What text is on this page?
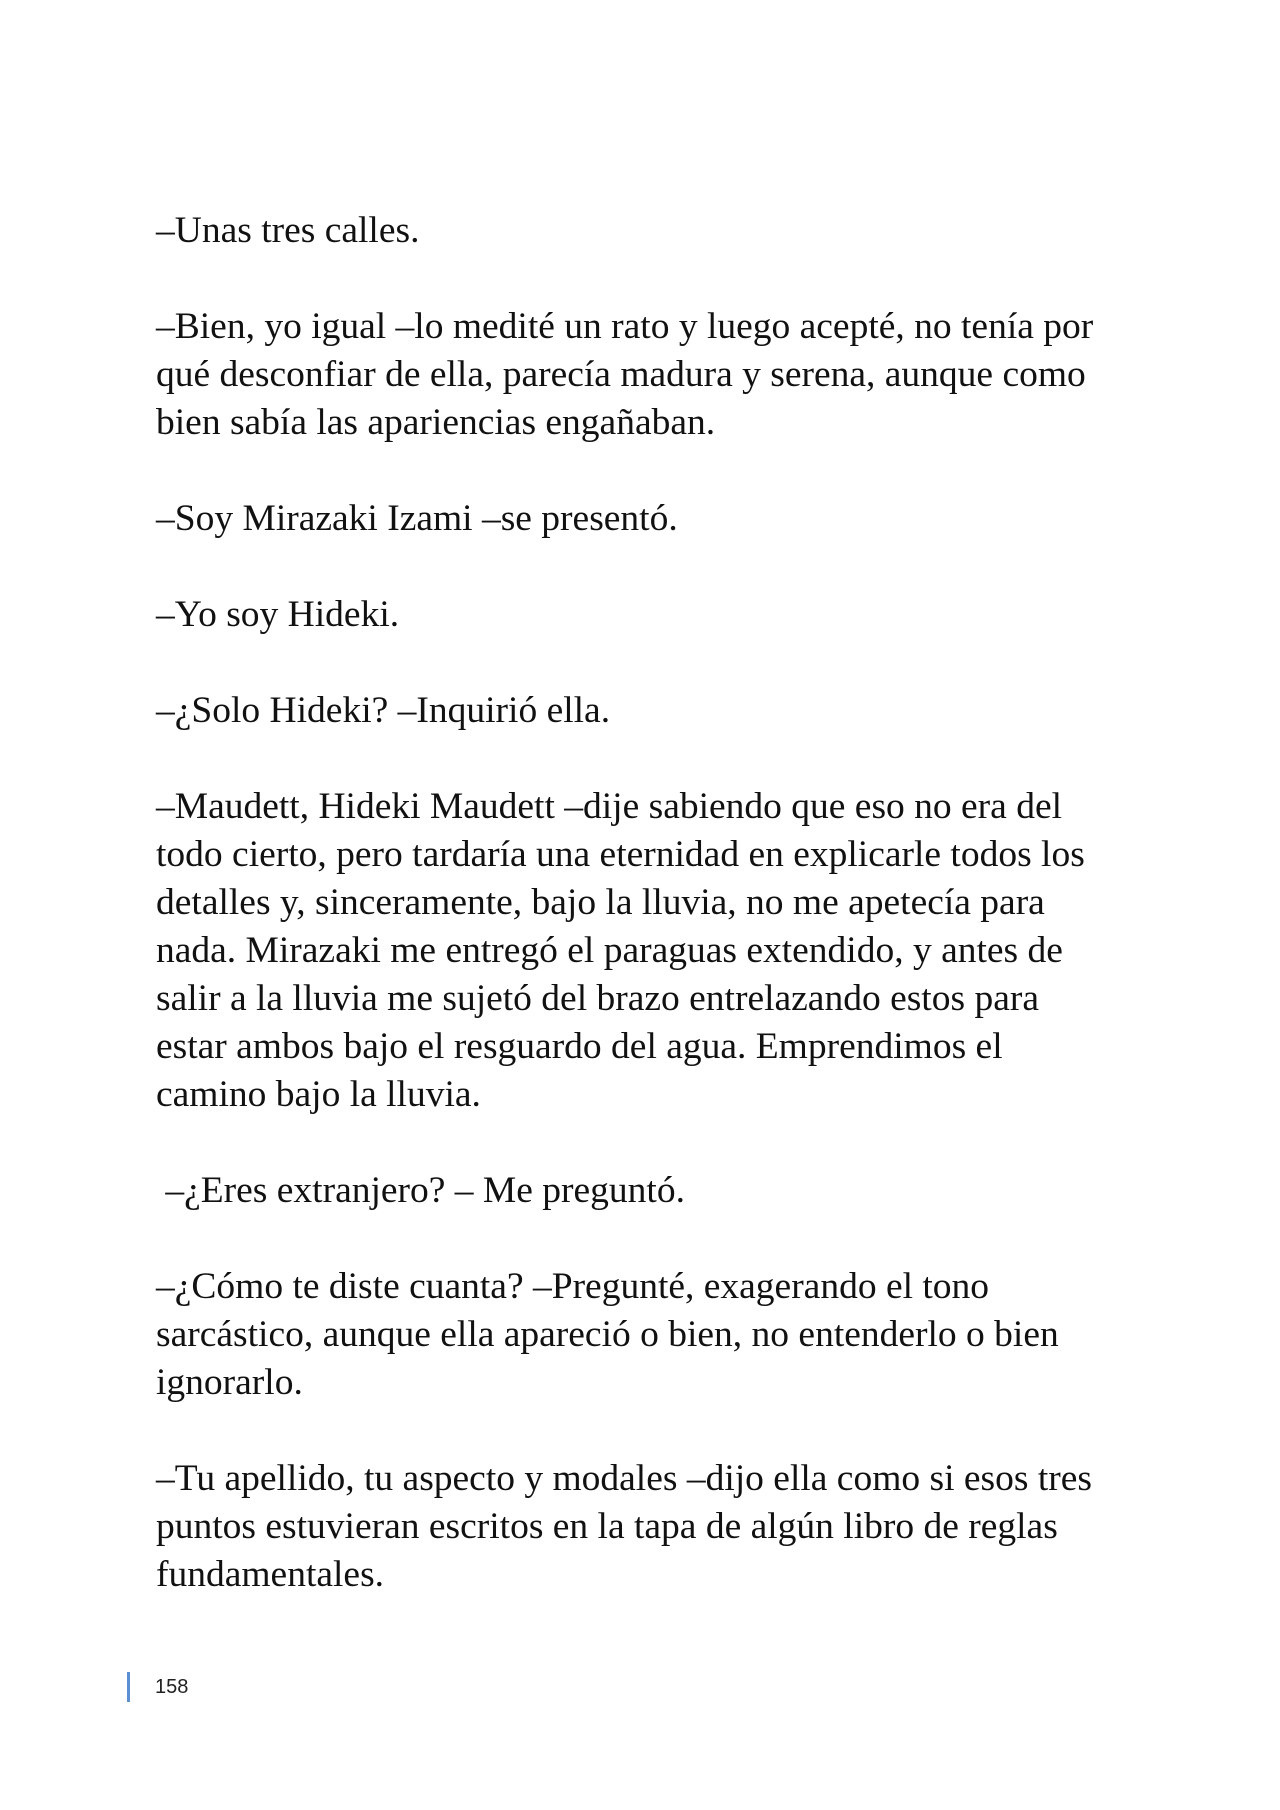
–Unas tres calles.

–Bien, yo igual –lo medité un rato y luego acepté, no tenía por
qué desconfiar de ella, parecía madura y serena, aunque como
bien sabía las apariencias engañaban.

–Soy Mirazaki Izami –se presentó.

–Yo soy Hideki.

–¿Solo Hideki? –Inquirió ella.

–Maudett, Hideki Maudett –dije sabiendo que eso no era del
todo cierto, pero tardaría una eternidad en explicarle todos los
detalles y, sinceramente, bajo la lluvia, no me apetecía para
nada. Mirazaki me entregó el paraguas extendido, y antes de
salir a la lluvia me sujetó del brazo entrelazando estos para
estar ambos bajo el resguardo del agua. Emprendimos el
camino bajo la lluvia.

–¿Eres extranjero? – Me preguntó.

–¿Cómo te diste cuanta? –Pregunté, exagerando el tono
sarcástico, aunque ella apareció o bien, no entenderlo o bien
ignorarlo.

–Tu apellido, tu aspecto y modales –dijo ella como si esos tres
puntos estuvieran escritos en la tapa de algún libro de reglas
fundamentales.

158
